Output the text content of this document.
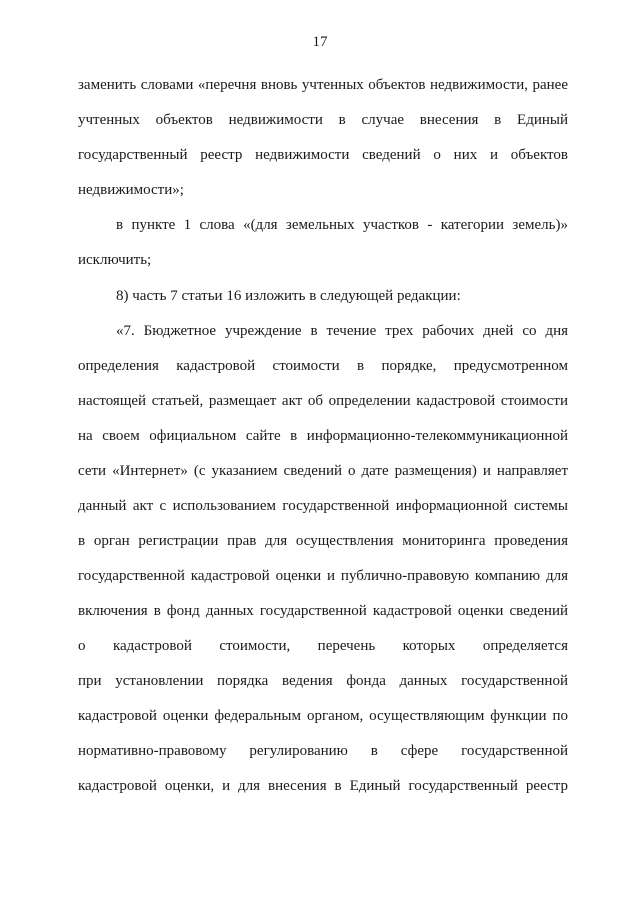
17
заменить словами «перечня вновь учтенных объектов недвижимости, ранее
учтенных объектов недвижимости в случае внесения в Единый
государственный реестр недвижимости сведений о них и объектов
недвижимости»;
в пункте 1 слова «(для земельных участков - категории земель)»
исключить;
8) часть 7 статьи 16 изложить в следующей редакции:
«7. Бюджетное учреждение в течение трех рабочих дней со дня
определения кадастровой стоимости в порядке, предусмотренном
настоящей статьей, размещает акт об определении кадастровой стоимости
на своем официальном сайте в информационно-телекоммуникационной
сети «Интернет» (с указанием сведений о дате размещения) и направляет
данный акт с использованием государственной информационной системы
в орган регистрации прав для осуществления мониторинга проведения
государственной кадастровой оценки и публично-правовую компанию для
включения в фонд данных государственной кадастровой оценки сведений
о кадастровой стоимости, перечень которых определяется
при установлении порядка ведения фонда данных государственной
кадастровой оценки федеральным органом, осуществляющим функции по
нормативно-правовому регулированию в сфере государственной
кадастровой оценки, и для внесения в Единый государственный реестр
